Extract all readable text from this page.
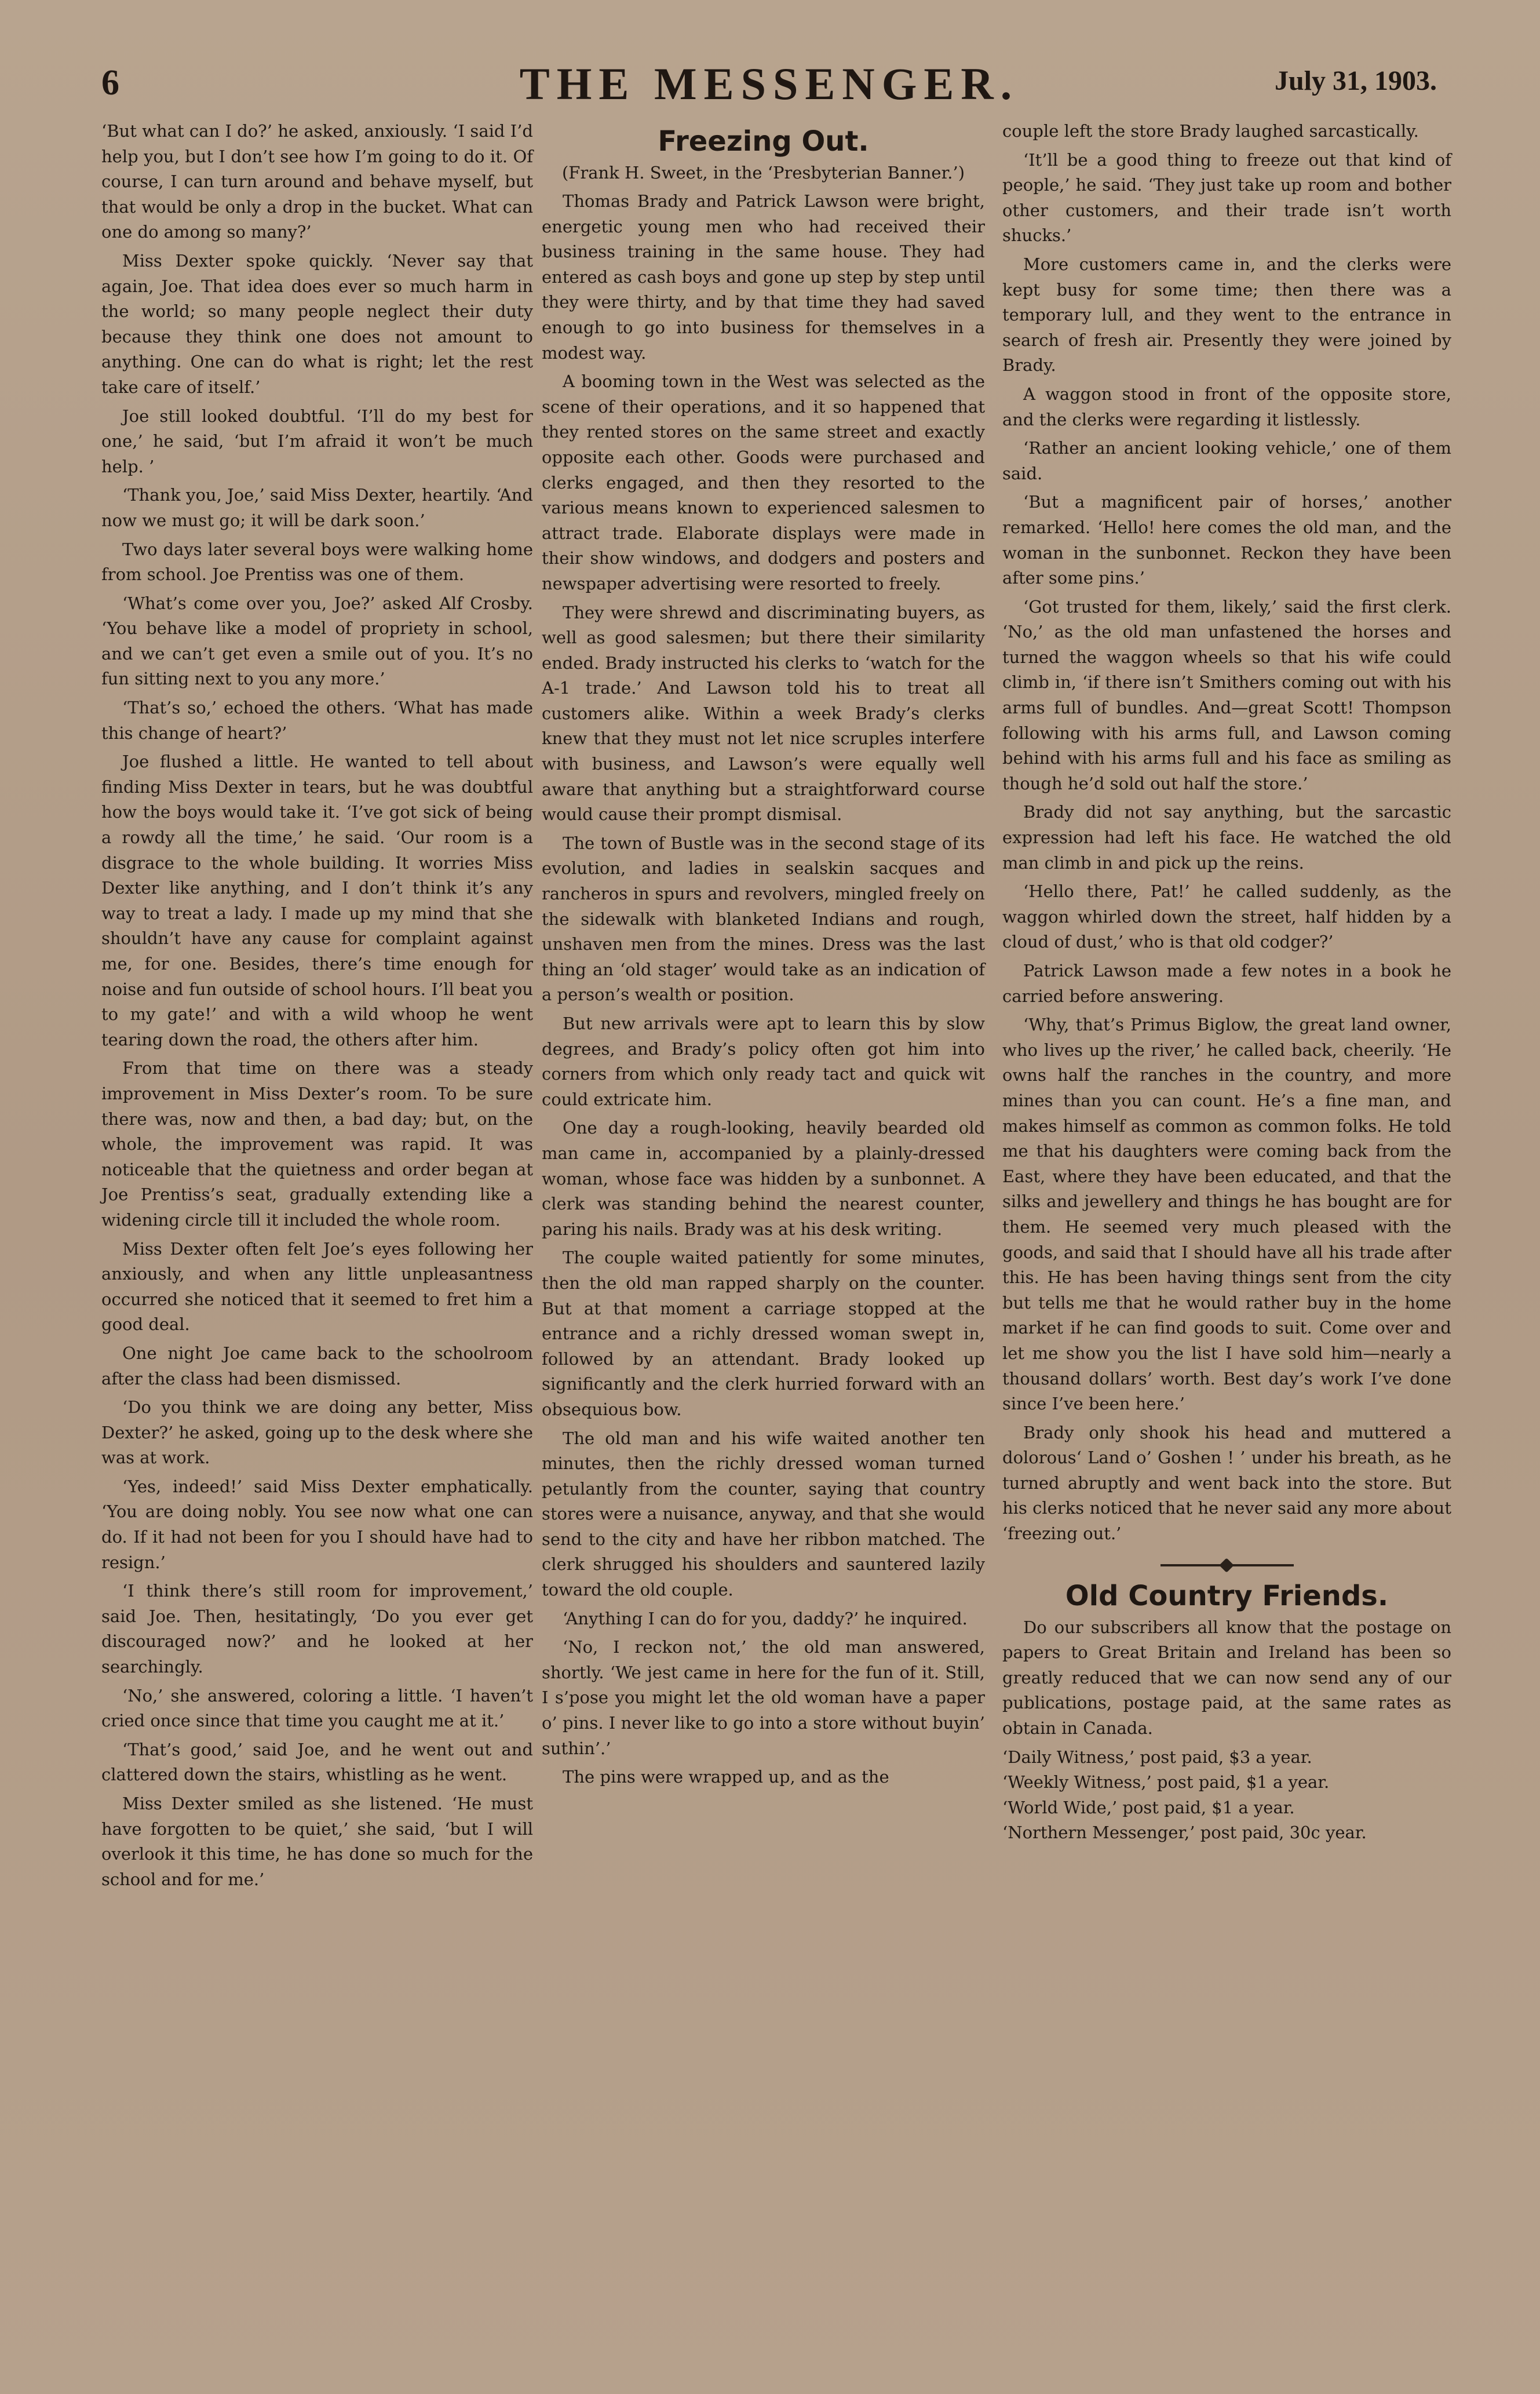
6	THE MESSENGER.	July 31, 1903.

‘But what can I do?’ he asked, anxiously. ‘I said I’d help you, but I don’t see how I’m going to do it. Of course, I can turn around and behave myself, but that would be only a drop in the bucket. What can one do among so many?’

Miss Dexter spoke quickly. ‘Never say that again, Joe. That idea does ever so much harm in the world; so many people neglect their duty because they think one does not amount to anything. One can do what is right; let the rest take care of itself.’

Joe still looked doubtful. ‘I’ll do my best for one,’ he said, ‘but I’m afraid it won’t be much help. ’

‘Thank you, Joe,’ said Miss Dexter, heartily. ‘And now we must go; it will be dark soon.’

Two days later several boys were walking home from school. Joe Prentiss was one of them.

‘What’s come over you, Joe?’ asked Alf Crosby. ‘You behave like a model of propriety in school, and we can’t get even a smile out of you. It’s no fun sitting next to you any more.’

‘That’s so,’ echoed the others. ‘What has made this change of heart?’

Joe flushed a little. He wanted to tell about finding Miss Dexter in tears, but he was doubtful how the boys would take it. ‘I’ve got sick of being a rowdy all the time,’ he said. ‘Our room is a disgrace to the whole building. It worries Miss Dexter like anything, and I don’t think it’s any way to treat a lady. I made up my mind that she shouldn’t have any cause for complaint against me, for one. Besides, there’s time enough for noise and fun outside of school hours. I’ll beat you to my gate!’ and with a wild whoop he went tearing down the road, the others after him.

From that time on there was a steady improvement in Miss Dexter’s room. To be sure there was, now and then, a bad day; but, on the whole, the improvement was rapid. It was noticeable that the quietness and order began at Joe Prentiss’s seat, gradually extending like a widening circle till it included the whole room.

Miss Dexter often felt Joe’s eyes following her anxiously, and when any little unpleasantness occurred she noticed that it seemed to fret him a good deal.

One night Joe came back to the schoolroom after the class had been dismissed.

‘Do you think we are doing any better, Miss Dexter?’ he asked, going up to the desk where she was at work.

‘Yes, indeed!’ said Miss Dexter emphatically. ‘You are doing nobly. You see now what one can do. If it had not been for you I should have had to resign.’

‘I think there’s still room for improvement,’ said Joe. Then, hesitatingly, ‘Do you ever get discouraged now?’ and he looked at her searchingly.

‘No,’ she answered, coloring a little. ‘I haven’t cried once since that time you caught me at it.’

‘That’s good,’ said Joe, and he went out and clattered down the stairs, whistling as he went.

Miss Dexter smiled as she listened. ‘He must have forgotten to be quiet,’ she said, ‘but I will overlook it this time, he has done so much for the school and for me.’

Freezing Out.
(Frank H. Sweet, in the ‘Presbyterian Banner.’)

Thomas Brady and Patrick Lawson were bright, energetic young men who had received their business training in the same house. They had entered as cash boys and gone up step by step until they were thirty, and by that time they had saved enough to go into business for themselves in a modest way.

A booming town in the West was selected as the scene of their operations, and it so happened that they rented stores on the same street and exactly opposite each other. Goods were purchased and clerks engaged, and then they resorted to the various means known to experienced salesmen to attract trade. Elaborate displays were made in their show windows, and dodgers and posters and newspaper advertising were resorted to freely.

They were shrewd and discriminating buyers, as well as good salesmen; but there their similarity ended. Brady instructed his clerks to ‘watch for the A-1 trade.’ And Lawson told his to treat all customers alike. Within a week Brady’s clerks knew that they must not let nice scruples interfere with business, and Lawson’s were equally well aware that anything but a straightforward course would cause their prompt dismisal.

The town of Bustle was in the second stage of its evolution, and ladies in sealskin sacques and rancheros in spurs and revolvers, mingled freely on the sidewalk with blanketed Indians and rough, unshaven men from the mines. Dress was the last thing an ‘old stager’ would take as an indication of a person’s wealth or position.

But new arrivals were apt to learn this by slow degrees, and Brady’s policy often got him into corners from which only ready tact and quick wit could extricate him.

One day a rough-looking, heavily bearded old man came in, accompanied by a plainly-dressed woman, whose face was hidden by a sunbonnet. A clerk was standing behind the nearest counter, paring his nails. Brady was at his desk writing.

The couple waited patiently for some minutes, then the old man rapped sharply on the counter. But at that moment a carriage stopped at the entrance and a richly dressed woman swept in, followed by an attendant. Brady looked up significantly and the clerk hurried forward with an obsequious bow.

The old man and his wife waited another ten minutes, then the richly dressed woman turned petulantly from the counter, saying that country stores were a nuisance, anyway, and that she would send to the city and have her ribbon matched. The clerk shrugged his shoulders and sauntered lazily toward the old couple.

‘Anything I can do for you, daddy?’ he inquired.

‘No, I reckon not,’ the old man answered, shortly. ‘We jest came in here for the fun of it. Still, I s’pose you might let the old woman have a paper o’ pins. I never like to go into a store without buyin’ suthin’.’

The pins were wrapped up, and as the

couple left the store Brady laughed sarcastically.

‘It’ll be a good thing to freeze out that kind of people,’ he said. ‘They just take up room and bother other customers, and their trade isn’t worth shucks.’

More customers came in, and the clerks were kept busy for some time; then there was a temporary lull, and they went to the entrance in search of fresh air. Presently they were joined by Brady.

A waggon stood in front of the opposite store, and the clerks were regarding it listlessly.

‘Rather an ancient looking vehicle,’ one of them said.

‘But a magnificent pair of horses,’ another remarked. ‘Hello! here comes the old man, and the woman in the sunbonnet. Reckon they have been after some pins.’

‘Got trusted for them, likely,’ said the first clerk. ‘No,’ as the old man unfastened the horses and turned the waggon wheels so that his wife could climb in, ‘if there isn’t Smithers coming out with his arms full of bundles. And—great Scott! Thompson following with his arms full, and Lawson coming behind with his arms full and his face as smiling as though he’d sold out half the store.’

Brady did not say anything, but the sarcastic expression had left his face. He watched the old man climb in and pick up the reins.

‘Hello there, Pat!’ he called suddenly, as the waggon whirled down the street, half hidden by a cloud of dust,’ who is that old codger?’

Patrick Lawson made a few notes in a book he carried before answering.

‘Why, that’s Primus Biglow, the great land owner, who lives up the river,’ he called back, cheerily. ‘He owns half the ranches in the country, and more mines than you can count. He’s a fine man, and makes himself as common as common folks. He told me that his daughters were coming back from the East, where they have been educated, and that the silks and jewellery and things he has bought are for them. He seemed very much pleased with the goods, and said that I should have all his trade after this. He has been having things sent from the city but tells me that he would rather buy in the home market if he can find goods to suit. Come over and let me show you the list I have sold him—nearly a thousand dollars’ worth. Best day’s work I’ve done since I’ve been here.’

Brady only shook his head and muttered a dolorous‘ Land o’ Goshen ! ’ under his breath, as he turned abruptly and went back into the store. But his clerks noticed that he never said any more about ‘freezing out.’

Old Country Friends.

Do our subscribers all know that the postage on papers to Great Britain and Ireland has been so greatly reduced that we can now send any of our publications, postage paid, at the same rates as obtain in Canada.

‘Daily Witness,’ post paid, $3 a year.

‘Weekly Witness,’ post paid, $1 a year.

‘World Wide,’ post paid, $1 a year.

‘Northern Messenger,’ post paid, 30c year.
